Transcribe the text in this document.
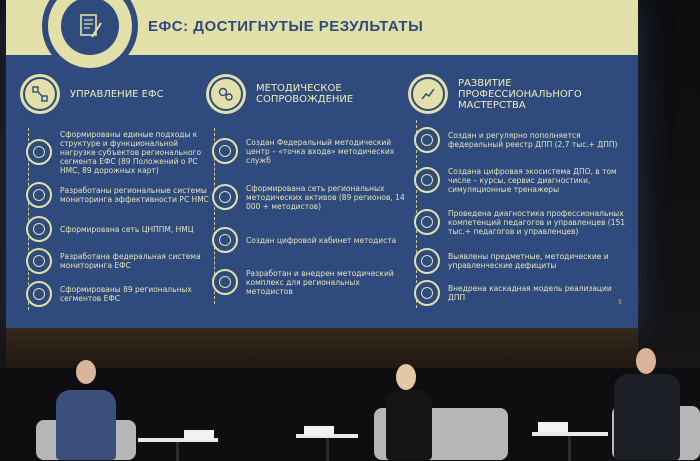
ЕФС: ДОСТИГНУТЫЕ РЕЗУЛЬТАТЫ
УПРАВЛЕНИЕ ЕФС
Сформированы единые подходы к структуре и функциональной нагрузке субъектов регионального сегмента ЕФС (89 Положений о РС НМС, 89 дорожных карт)
Разработаны региональные системы мониторинга эффективности РС НМС
Сформирована сеть ЦНППМ, НМЦ
Разработана федеральная система мониторинга ЕФС
Сформированы 89 региональных сегментов ЕФС
МЕТОДИЧЕСКОЕ СОПРОВОЖДЕНИЕ
Создан Федеральный методический центр – «точка входа» методических служб
Сформирована сеть региональных методических активов (89 регионов, 14 000 + методистов)
Создан цифровой кабинет методиста
Разработан и внедрен методический комплекс для региональных методистов
РАЗВИТИЕ ПРОФЕССИОНАЛЬНОГО МАСТЕРСТВА
Создан и регулярно пополняется федеральный реестр ДПП (2,7 тыс.+ ДПП)
Создана цифровая экосистема ДПО, в том числе – курсы, сервис диагностики, симуляционные тренажеры
Проведена диагностика профессиональных компетенций педагогов и управленцев (151 тыс.+ педагогов и управленцев)
Выявлены предметные, методические и управленческие дефициты
Внедрена каскадная модель реализации ДПП
5
